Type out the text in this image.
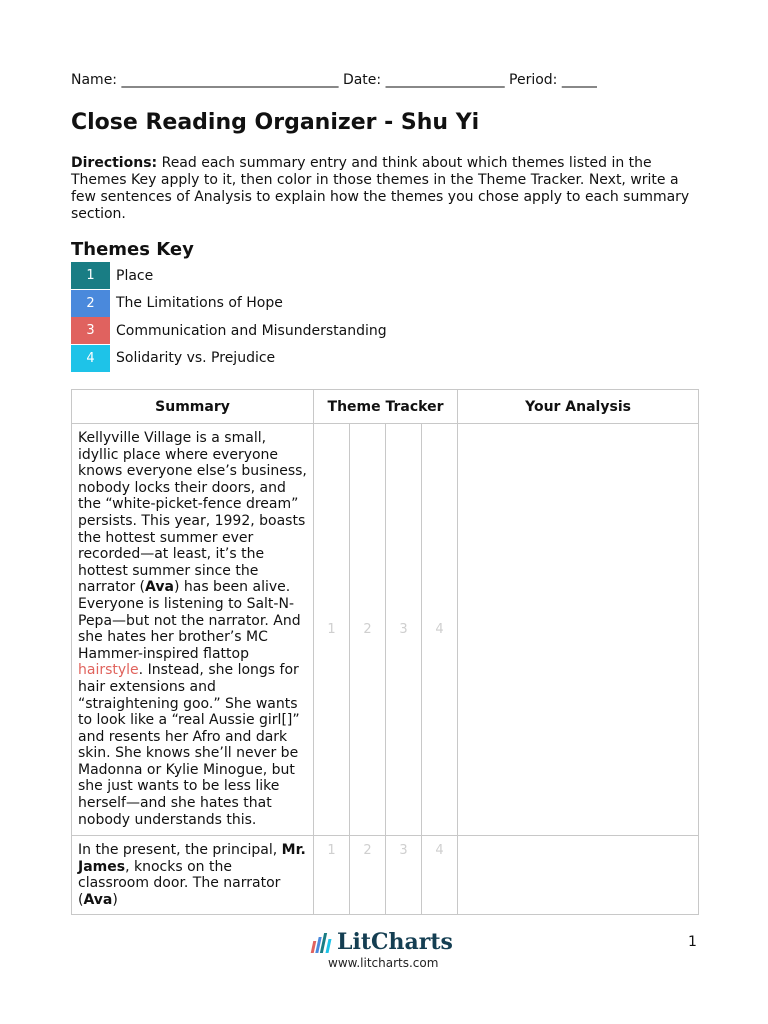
Name: _______________________________ Date: _________________ Period: _____
Close Reading Organizer - Shu Yi

Directions: Read each summary entry and think about which themes listed in the Themes Key apply to it, then color in those themes in the Theme Tracker. Next, write a few sentences of Analysis to explain how the themes you chose apply to each summary section.

Themes Key
1	Place
2	The Limitations of Hope
3	Communication and Misunderstanding
4	Solidarity vs. Prejudice
Summary	Theme Tracker				Your Analysis
Kellyville Village is a small, idyllic place where everyone knows everyone else’s business, nobody locks their doors, and the “white-picket-fence dream” persists. This year, 1992, boasts the hottest summer ever recorded—at least, it’s the hottest summer since the narrator (Ava) has been alive. Everyone is listening to Salt-N-Pepa—but not the narrator. And she hates her brother’s MC Hammer-inspired flattop hairstyle. Instead, she longs for hair extensions and “straightening goo.” She wants to look like a “real Aussie girl[]” and resents her Afro and dark skin. She knows she’ll never be Madonna or Kylie Minogue, but she just wants to be less like herself—and she hates that nobody understands this.	1	2	3	4	
In the present, the principal, Mr. James, knocks on the classroom door. The narrator (Ava)	1	2	3	4	
LitCharts
www.litcharts.com
1
